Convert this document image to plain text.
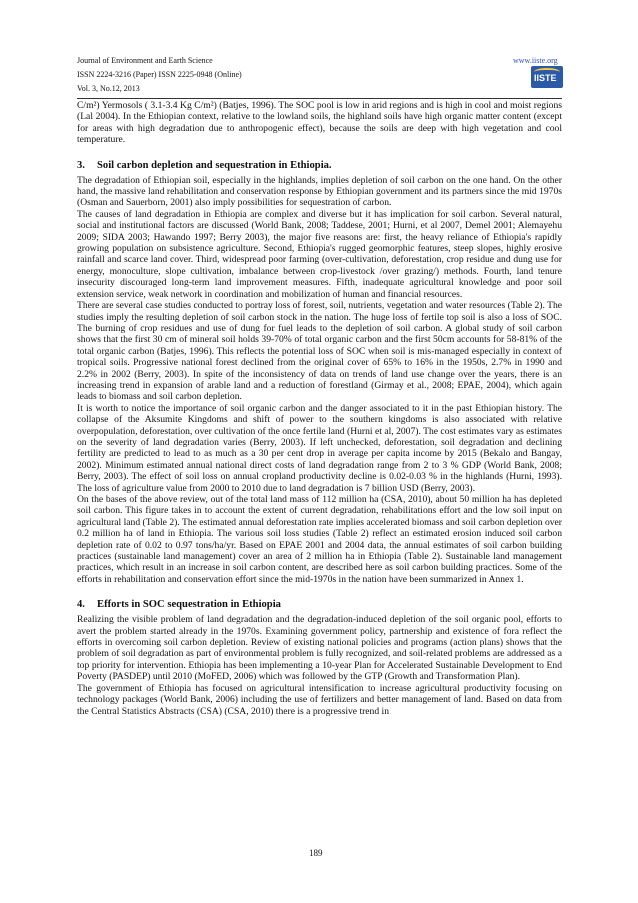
Journal of Environment and Earth Science
ISSN 2224-3216 (Paper) ISSN 2225-0948 (Online)
Vol. 3, No.12, 2013
www.iiste.org
IISTE

C/m²) Yermosols ( 3.1-3.4 Kg C/m²) (Batjes, 1996). The SOC pool is low in arid regions and is high in cool and moist regions (Lal 2004). In the Ethiopian context, relative to the lowland soils, the highland soils have high organic matter content (except for areas with high degradation due to anthropogenic effect), because the soils are deep with high vegetation and cool temperature.

3. Soil carbon depletion and sequestration in Ethiopia.

The degradation of Ethiopian soil, especially in the highlands, implies depletion of soil carbon on the one hand. On the other hand, the massive land rehabilitation and conservation response by Ethiopian government and its partners since the mid 1970s (Osman and Sauerborn, 2001) also imply possibilities for sequestration of carbon.

The causes of land degradation in Ethiopia are complex and diverse but it has implication for soil carbon. Several natural, social and institutional factors are discussed (World Bank, 2008; Taddese, 2001; Hurni, et al 2007, Demel 2001; Alemayehu 2009; SIDA 2003; Hawando 1997; Berry 2003), the major five reasons are: first, the heavy reliance of Ethiopia's rapidly growing population on subsistence agriculture. Second, Ethiopia's rugged geomorphic features, steep slopes, highly erosive rainfall and scarce land cover. Third, widespread poor farming (over-cultivation, deforestation, crop residue and dung use for energy, monoculture, slope cultivation, imbalance between crop-livestock /over grazing/) methods. Fourth, land tenure insecurity discouraged long-term land improvement measures. Fifth, inadequate agricultural knowledge and poor soil extension service, weak network in coordination and mobilization of human and financial resources.

There are several case studies conducted to portray loss of forest, soil, nutrients, vegetation and water resources (Table 2). The studies imply the resulting depletion of soil carbon stock in the nation. The huge loss of fertile top soil is also a loss of SOC. The burning of crop residues and use of dung for fuel leads to the depletion of soil carbon. A global study of soil carbon shows that the first 30 cm of mineral soil holds 39-70% of total organic carbon and the first 50cm accounts for 58-81% of the total organic carbon (Batjes, 1996). This reflects the potential loss of SOC when soil is mis-managed especially in context of tropical soils. Progressive national forest declined from the original cover of 65% to 16% in the 1950s, 2.7% in 1990 and 2.2% in 2002 (Berry, 2003). In spite of the inconsistency of data on trends of land use change over the years, there is an increasing trend in expansion of arable land and a reduction of forestland (Girmay et al., 2008; EPAE, 2004), which again leads to biomass and soil carbon depletion.

It is worth to notice the importance of soil organic carbon and the danger associated to it in the past Ethiopian history. The collapse of the Aksumite Kingdoms and shift of power to the southern kingdoms is also associated with relative overpopulation, deforestation, over cultivation of the once fertile land (Hurni et al, 2007). The cost estimates vary as estimates on the severity of land degradation varies (Berry, 2003). If left unchecked, deforestation, soil degradation and declining fertility are predicted to lead to as much as a 30 per cent drop in average per capita income by 2015 (Bekalo and Bangay, 2002). Minimum estimated annual national direct costs of land degradation range from 2 to 3 % GDP (World Bank, 2008; Berry, 2003). The effect of soil loss on annual cropland productivity decline is 0.02-0.03 % in the highlands (Hurni, 1993). The loss of agriculture value from 2000 to 2010 due to land degradation is 7 billion USD (Berry, 2003).

On the bases of the above review, out of the total land mass of 112 million ha (CSA, 2010), about 50 million ha has depleted soil carbon. This figure takes in to account the extent of current degradation, rehabilitations effort and the low soil input on agricultural land (Table 2). The estimated annual deforestation rate implies accelerated biomass and soil carbon depletion over 0.2 million ha of land in Ethiopia. The various soil loss studies (Table 2) reflect an estimated erosion induced soil carbon depletion rate of 0.02 to 0.97 tons/ha/yr. Based on EPAE 2001 and 2004 data, the annual estimates of soil carbon building practices (sustainable land management) cover an area of 2 million ha in Ethiopia (Table 2). Sustainable land management practices, which result in an increase in soil carbon content, are described here as soil carbon building practices. Some of the efforts in rehabilitation and conservation effort since the mid-1970s in the nation have been summarized in Annex 1.

4. Efforts in SOC sequestration in Ethiopia

Realizing the visible problem of land degradation and the degradation-induced depletion of the soil organic pool, efforts to avert the problem started already in the 1970s. Examining government policy, partnership and existence of fora reflect the efforts in overcoming soil carbon depletion. Review of existing national policies and programs (action plans) shows that the problem of soil degradation as part of environmental problem is fully recognized, and soil-related problems are addressed as a top priority for intervention. Ethiopia has been implementing a 10-year Plan for Accelerated Sustainable Development to End Poverty (PASDEP) until 2010 (MoFED, 2006) which was followed by the GTP (Growth and Transformation Plan).

The government of Ethiopia has focused on agricultural intensification to increase agricultural productivity focusing on technology packages (World Bank, 2006) including the use of fertilizers and better management of land. Based on data from the Central Statistics Abstracts (CSA) (CSA, 2010) there is a progressive trend in

189
